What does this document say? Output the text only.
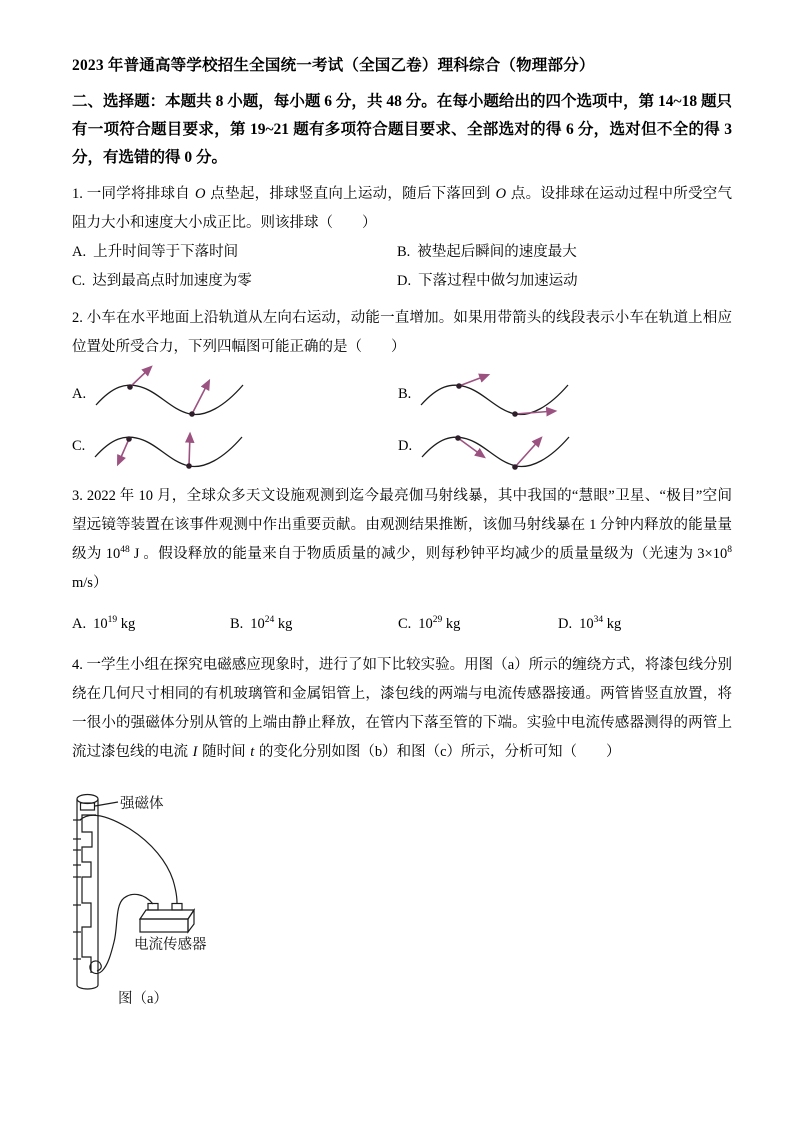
2023 年普通高等学校招生全国统一考试（全国乙卷）理科综合（物理部分）
二、选择题：本题共 8 小题，每小题 6 分，共 48 分。在每小题给出的四个选项中，第 14~18 题只有一项符合题目要求，第 19~21 题有多项符合题目要求、全部选对的得 6 分，选对但不全的得 3 分，有选错的得 0 分。
1. 一同学将排球自 O 点垫起，排球竖直向上运动，随后下落回到 O 点。设排球在运动过程中所受空气阻力大小和速度大小成正比。则该排球（　　）
A. 上升时间等于下落时间	B. 被垫起后瞬间的速度最大
C. 达到最高点时加速度为零	D. 下落过程中做匀加速运动
2. 小车在水平地面上沿轨道从左向右运动，动能一直增加。如果用带箭头的线段表示小车在轨道上相应位置处所受合力，下列四幅图可能正确的是（　　）
A.	B.
C.	D.
3. 2022 年 10 月，全球众多天文设施观测到迄今最亮伽马射线暴，其中我国的“慧眼”卫星、“极目”空间望远镜等装置在该事件观测中作出重要贡献。由观测结果推断，该伽马射线暴在 1 分钟内释放的能量量级为 $10^{48}$ J 。假设释放的能量来自于物质质量的减少，则每秒钟平均减少的质量量级为（光速为 $3\times 10^8$ m/s）
A. $10^{19}$ kg	B. $10^{24}$ kg	C. $10^{29}$ kg	D. $10^{34}$ kg
4. 一学生小组在探究电磁感应现象时，进行了如下比较实验。用图（a）所示的缠绕方式，将漆包线分别绕在几何尺寸相同的有机玻璃管和金属铝管上，漆包线的两端与电流传感器接通。两管皆竖直放置，将一很小的强磁体分别从管的上端由静止释放，在管内下落至管的下端。实验中电流传感器测得的两管上流过漆包线的电流 I 随时间 t 的变化分别如图（b）和图（c）所示，分析可知（　　）
强磁体
电流传感器
图（a）
